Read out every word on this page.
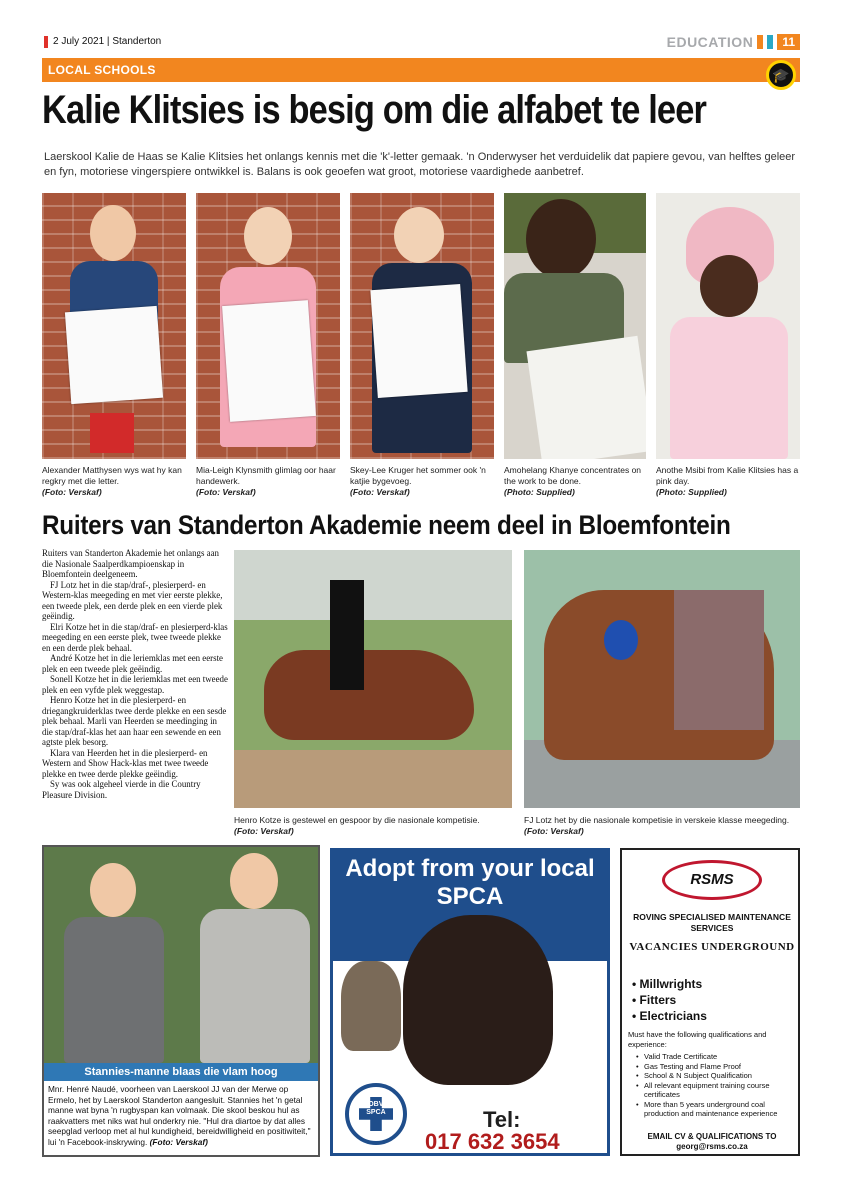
2 July 2021 | Standerton	EDUCATION	11
LOCAL SCHOOLS	🎓
Kalie Klitsies is besig om die alfabet te leer

Laerskool Kalie de Haas se Kalie Klitsies het onlangs kennis met die 'k'-letter gemaak. 'n Onderwyser het verduidelik dat papiere gevou, van helftes geleer en fyn, motoriese vingerspiere ontwikkel is. Balans is ook geoefen wat groot, motoriese vaardighede aanbetref.

Alexander Matthysen wys wat hy kan regkry met die letter.
(Foto: Verskaf)

Mia-Leigh Klynsmith glimlag oor haar handewerk.
(Foto: Verskaf)

Skey-Lee Kruger het sommer ook 'n katjie bygevoeg.
(Foto: Verskaf)

Amohelang Khanye concentrates on the work to be done.
(Photo: Supplied)

Anothe Msibi from Kalie Klitsies has a pink day.
(Photo: Supplied)

Ruiters van Standerton Akademie neem deel in Bloemfontein

Ruiters van Standerton Akademie het onlangs aan die Nasionale Saalperdkampioenskap in Bloemfontein deelgeneem.

FJ Lotz het in die stap/draf-, plesierperd- en Western-klas meegeding en met vier eerste plekke, een tweede plek, een derde plek en een vierde plek geëindig.

Elri Kotze het in die stap/draf- en plesierperd-klas meegeding en een eerste plek, twee tweede plekke en een derde plek behaal.

André Kotze het in die leriemklas met een eerste plek en een tweede plek geëindig.

Sonell Kotze het in die leriemklas met een tweede plek en een vyfde plek weggestap.

Henro Kotze het in die plesierperd- en driegangkruiderklas twee derde plekke en een sesde plek behaal. Marli van Heerden se meedinging in die stap/draf-klas het aan haar een sewende en een agtste plek besorg.

Klara van Heerden het in die plesierperd- en Western and Show Hack-klas met twee tweede plekke en twee derde plekke geëindig.

Sy was ook algeheel vierde in die Country Pleasure Division.

Henro Kotze is gestewel en gespoor by die nasionale kompetisie.
(Foto: Verskaf)

FJ Lotz het by die nasionale kompetisie in verskeie klasse meegeding.
(Foto: Verskaf)

Stannies-manne blaas die vlam hoog

Mnr. Henré Naudé, voorheen van Laerskool JJ van der Merwe op Ermelo, het by Laerskool Standerton aangesluit. Stannies het 'n getal manne wat byna 'n rugbyspan kan volmaak. Die skool beskou hul as raakvatters met niks wat hul onderkry nie. "Hul dra diartoe by dat alles seepglad verloop met al hul kundigheid, bereidwilligheid en positiwiteit," lui 'n Facebook-inskrywing. (Foto: Verskaf)

Adopt from your local SPCA
DBV SPCA	Tel:
017 632 3654
RSMS
ROVING SPECIALISED MAINTENANCE SERVICES
VACANCIES UNDERGROUND
• Millwrights
• Fitters
• Electricians

Must have the following qualifications and experience:

• Valid Trade Certificate
• Gas Testing and Flame Proof
• School & N Subject Qualification
• All relevant equipment training course certificates
• More than 5 years underground coal production and maintenance experience
EMAIL CV & QUALIFICATIONS TO
georg@rsms.co.za
